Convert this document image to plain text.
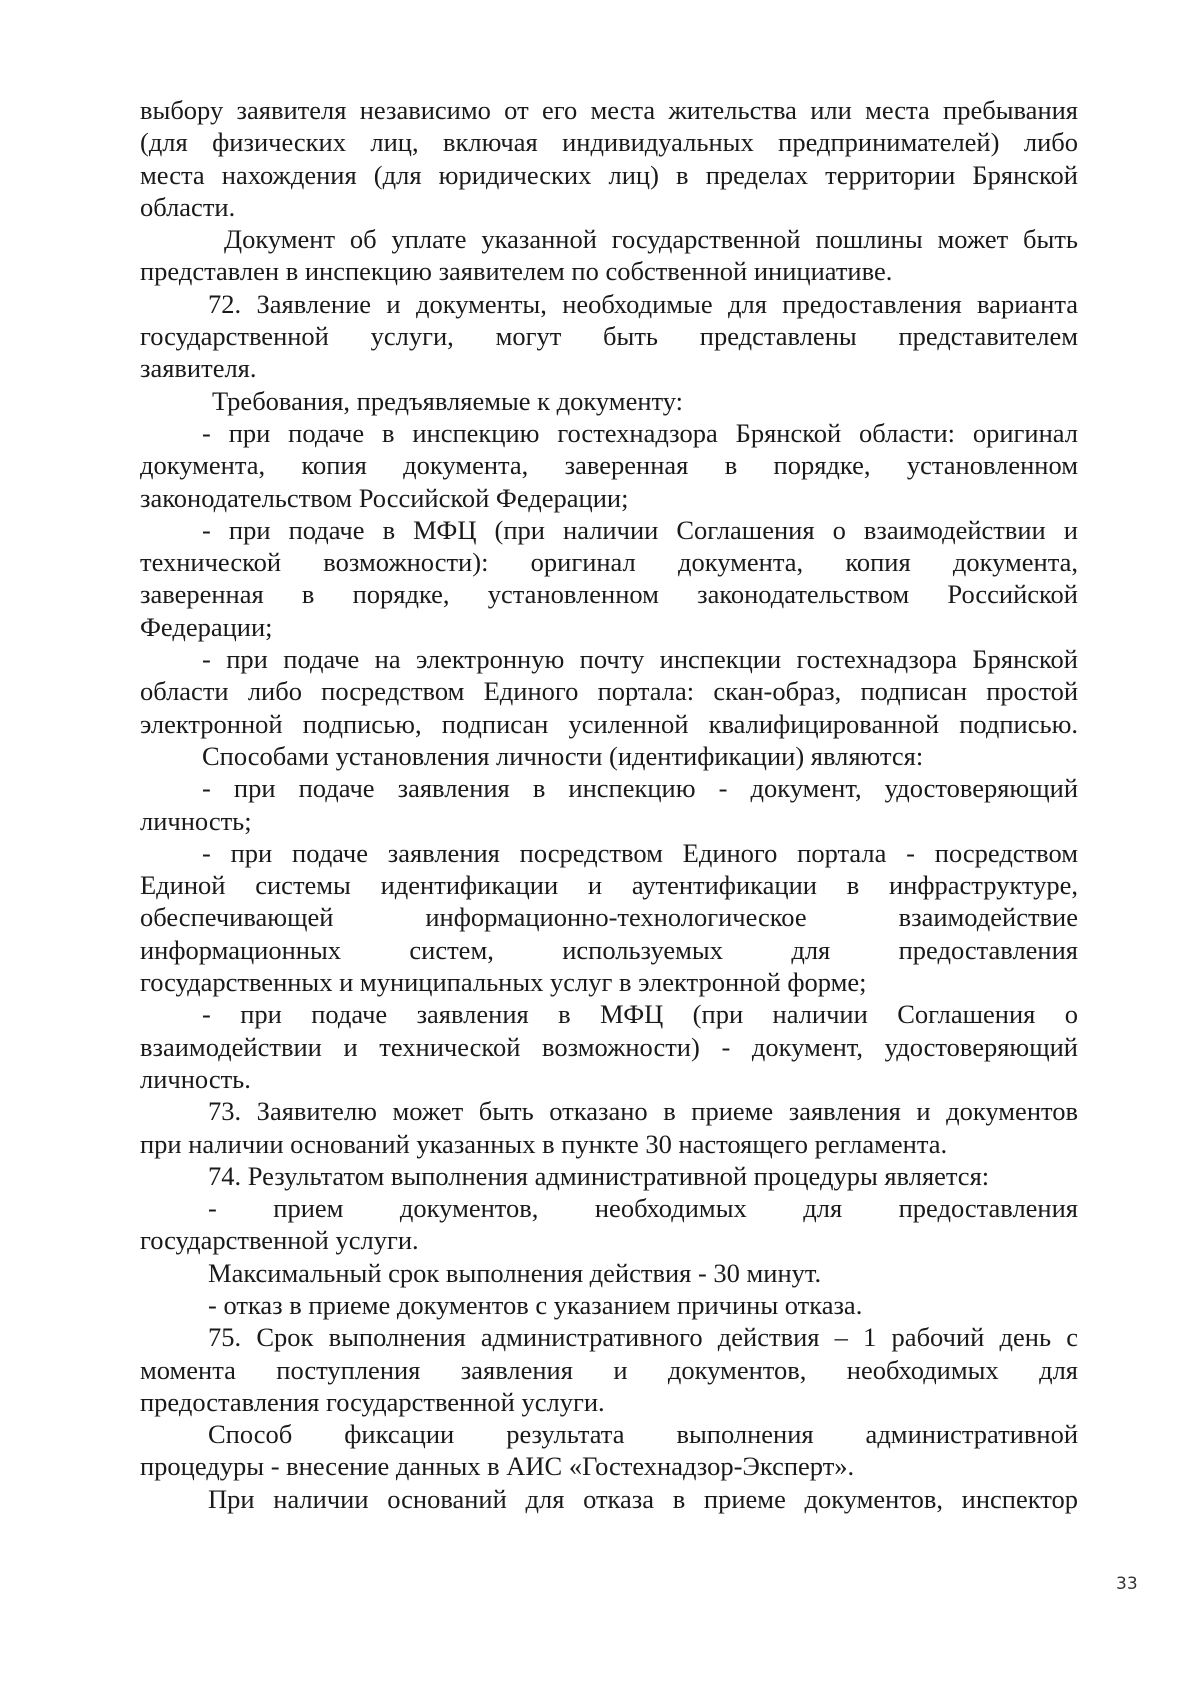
выбору заявителя независимо от его места жительства или места пребывания
(для физических лиц, включая индивидуальных предпринимателей) либо
места нахождения (для юридических лиц) в пределах территории Брянской
области.
Документ об уплате указанной государственной пошлины может быть
представлен в инспекцию заявителем по собственной инициативе.
72. Заявление и документы, необходимые для предоставления варианта
государственной услуги, могут быть представлены представителем
заявителя.
Требования, предъявляемые к документу:
- при подаче в инспекцию гостехнадзора Брянской области: оригинал
документа, копия документа, заверенная в порядке, установленном
законодательством Российской Федерации;
- при подаче в МФЦ (при наличии Соглашения о взаимодействии и
технической возможности): оригинал документа, копия документа,
заверенная в порядке, установленном законодательством Российской
Федерации;
- при подаче на электронную почту инспекции гостехнадзора Брянской
области либо посредством Единого портала: скан-образ, подписан простой
электронной подписью, подписан усиленной квалифицированной подписью.
Способами установления личности (идентификации) являются:
- при подаче заявления в инспекцию - документ, удостоверяющий
личность;
- при подаче заявления посредством Единого портала - посредством
Единой системы идентификации и аутентификации в инфраструктуре,
обеспечивающей информационно-технологическое взаимодействие
информационных систем, используемых для предоставления
государственных и муниципальных услуг в электронной форме;
- при подаче заявления в МФЦ (при наличии Соглашения о
взаимодействии и технической возможности) - документ, удостоверяющий
личность.
73. Заявителю может быть отказано в приеме заявления и документов
при наличии оснований указанных в пункте 30 настоящего регламента.
74. Результатом выполнения административной процедуры является:
- прием документов, необходимых для предоставления
государственной услуги.
Максимальный срок выполнения действия - 30 минут.
- отказ в приеме документов с указанием причины отказа.
75. Срок выполнения административного действия – 1 рабочий день с
момента поступления заявления и документов, необходимых для
предоставления государственной услуги.
Способ фиксации результата выполнения административной
процедуры - внесение данных в АИС «Гостехнадзор-Эксперт».
При наличии оснований для отказа в приеме документов, инспектор
33
